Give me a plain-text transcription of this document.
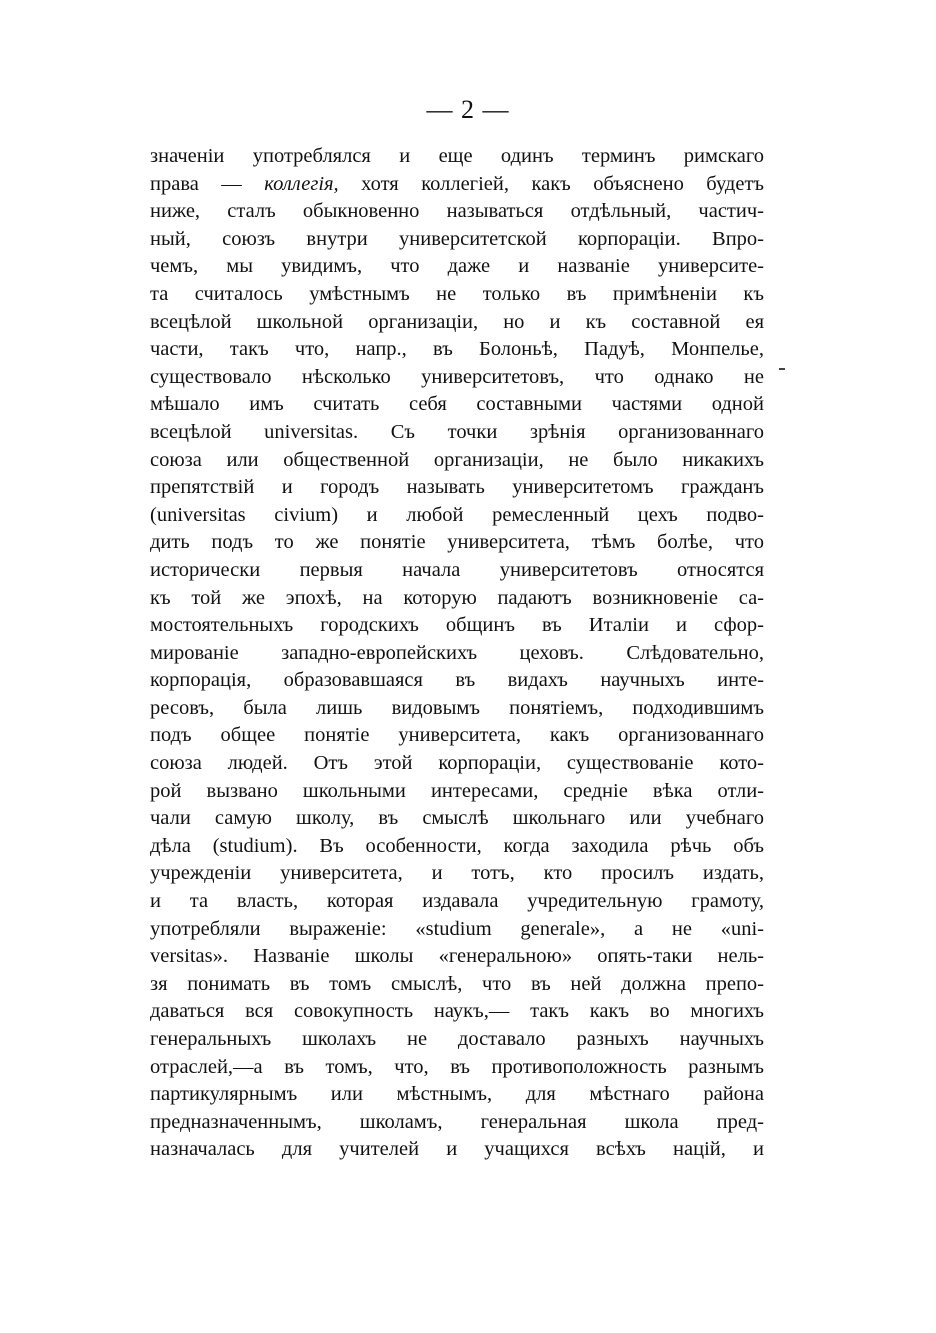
— 2 —
значеніи употреблялся и еще одинъ терминъ римскаго
права — коллегія, хотя коллегіей, какъ объяснено будетъ
ниже, сталъ обыкновенно называться отдѣльный, частич-
ный, союзъ внутри университетской корпораціи. Впро-
чемъ, мы увидимъ, что даже и названіе университе-
та считалось умѣстнымъ не только въ примѣненіи къ
всецѣлой школьной организаціи, но и къ составной ея
части, такъ что, напр., въ Болоньѣ, Падуѣ, Монпелье,
существовало нѣсколько университетовъ, что однако не
мѣшало имъ считать себя составными частями одной
всецѣлой universitas. Съ точки зрѣнія организованнаго
союза или общественной организаціи, не было никакихъ
препятствій и городъ называть университетомъ гражданъ
(universitas civium) и любой ремесленный цехъ подво-
дить подъ то же понятіе университета, тѣмъ болѣе, что
исторически первыя начала университетовъ относятся
къ той же эпохѣ, на которую падаютъ возникновеніе са-
мостоятельныхъ городскихъ общинъ въ Италіи и сфор-
мированіе западно-европейскихъ цеховъ. Слѣдовательно,
корпорація, образовавшаяся въ видахъ научныхъ инте-
ресовъ, была лишь видовымъ понятіемъ, подходившимъ
подъ общее понятіе университета, какъ организованнаго
союза людей. Отъ этой корпораціи, существованіе кото-
рой вызвано школьными интересами, средніе вѣка отли-
чали самую школу, въ смыслѣ школьнаго или учебнаго
дѣла (studium). Въ особенности, когда заходила рѣчь объ
учрежденіи университета, и тотъ, кто просилъ издать,
и та власть, которая издавала учредительную грамоту,
употребляли выраженіе: «studium generale», а не «uni-
versitas». Названіе школы «генеральною» опять-таки нель-
зя понимать въ томъ смыслѣ, что въ ней должна препо-
даваться вся совокупность наукъ,— такъ какъ во многихъ
генеральныхъ школахъ не доставало разныхъ научныхъ
отраслей,—а въ томъ, что, въ противоположность разнымъ
партикулярнымъ или мѣстнымъ, для мѣстнаго района
предназначеннымъ, школамъ, генеральная школа пред-
назначалась для учителей и учащихся всѣхъ націй, и
